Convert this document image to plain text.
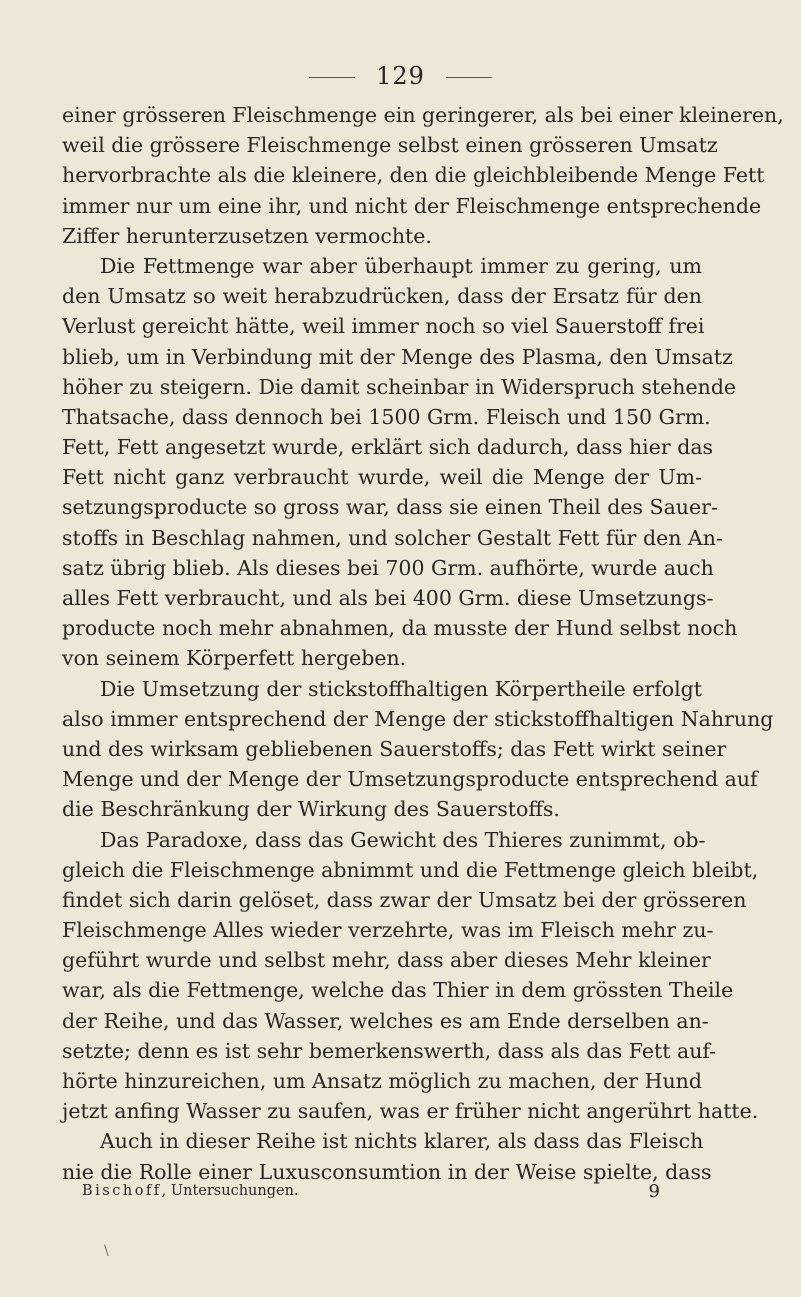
129
einer grösseren Fleischmenge ein geringerer, als bei einer kleineren,
weil die grössere Fleischmenge selbst einen grösseren Umsatz
hervorbrachte als die kleinere, den die gleichbleibende Menge Fett
immer nur um eine ihr, und nicht der Fleischmenge entsprechende
Ziffer herunterzusetzen vermochte.
Die Fettmenge war aber überhaupt immer zu gering, um
den Umsatz so weit herabzudrücken, dass der Ersatz für den
Verlust gereicht hätte, weil immer noch so viel Sauerstoff frei
blieb, um in Verbindung mit der Menge des Plasma, den Umsatz
höher zu steigern. Die damit scheinbar in Widerspruch stehende
Thatsache, dass dennoch bei 1500 Grm. Fleisch und 150 Grm.
Fett, Fett angesetzt wurde, erklärt sich dadurch, dass hier das
Fett nicht ganz verbraucht wurde, weil die Menge der Um-
setzungsproducte so gross war, dass sie einen Theil des Sauer-
stoffs in Beschlag nahmen, und solcher Gestalt Fett für den An-
satz übrig blieb. Als dieses bei 700 Grm. aufhörte, wurde auch
alles Fett verbraucht, und als bei 400 Grm. diese Umsetzungs-
producte noch mehr abnahmen, da musste der Hund selbst noch
von seinem Körperfett hergeben.
Die Umsetzung der stickstoffhaltigen Körpertheile erfolgt
also immer entsprechend der Menge der stickstoffhaltigen Nahrung
und des wirksam gebliebenen Sauerstoffs; das Fett wirkt seiner
Menge und der Menge der Umsetzungsproducte entsprechend auf
die Beschränkung der Wirkung des Sauerstoffs.
Das Paradoxe, dass das Gewicht des Thieres zunimmt, ob-
gleich die Fleischmenge abnimmt und die Fettmenge gleich bleibt,
findet sich darin gelöset, dass zwar der Umsatz bei der grösseren
Fleischmenge Alles wieder verzehrte, was im Fleisch mehr zu-
geführt wurde und selbst mehr, dass aber dieses Mehr kleiner
war, als die Fettmenge, welche das Thier in dem grössten Theile
der Reihe, und das Wasser, welches es am Ende derselben an-
setzte; denn es ist sehr bemerkenswerth, dass als das Fett auf-
hörte hinzureichen, um Ansatz möglich zu machen, der Hund
jetzt anfing Wasser zu saufen, was er früher nicht angerührt hatte.
Auch in dieser Reihe ist nichts klarer, als dass das Fleisch
nie die Rolle einer Luxusconsumtion in der Weise spielte, dass
Bischoff, Untersuchungen.	9
\
